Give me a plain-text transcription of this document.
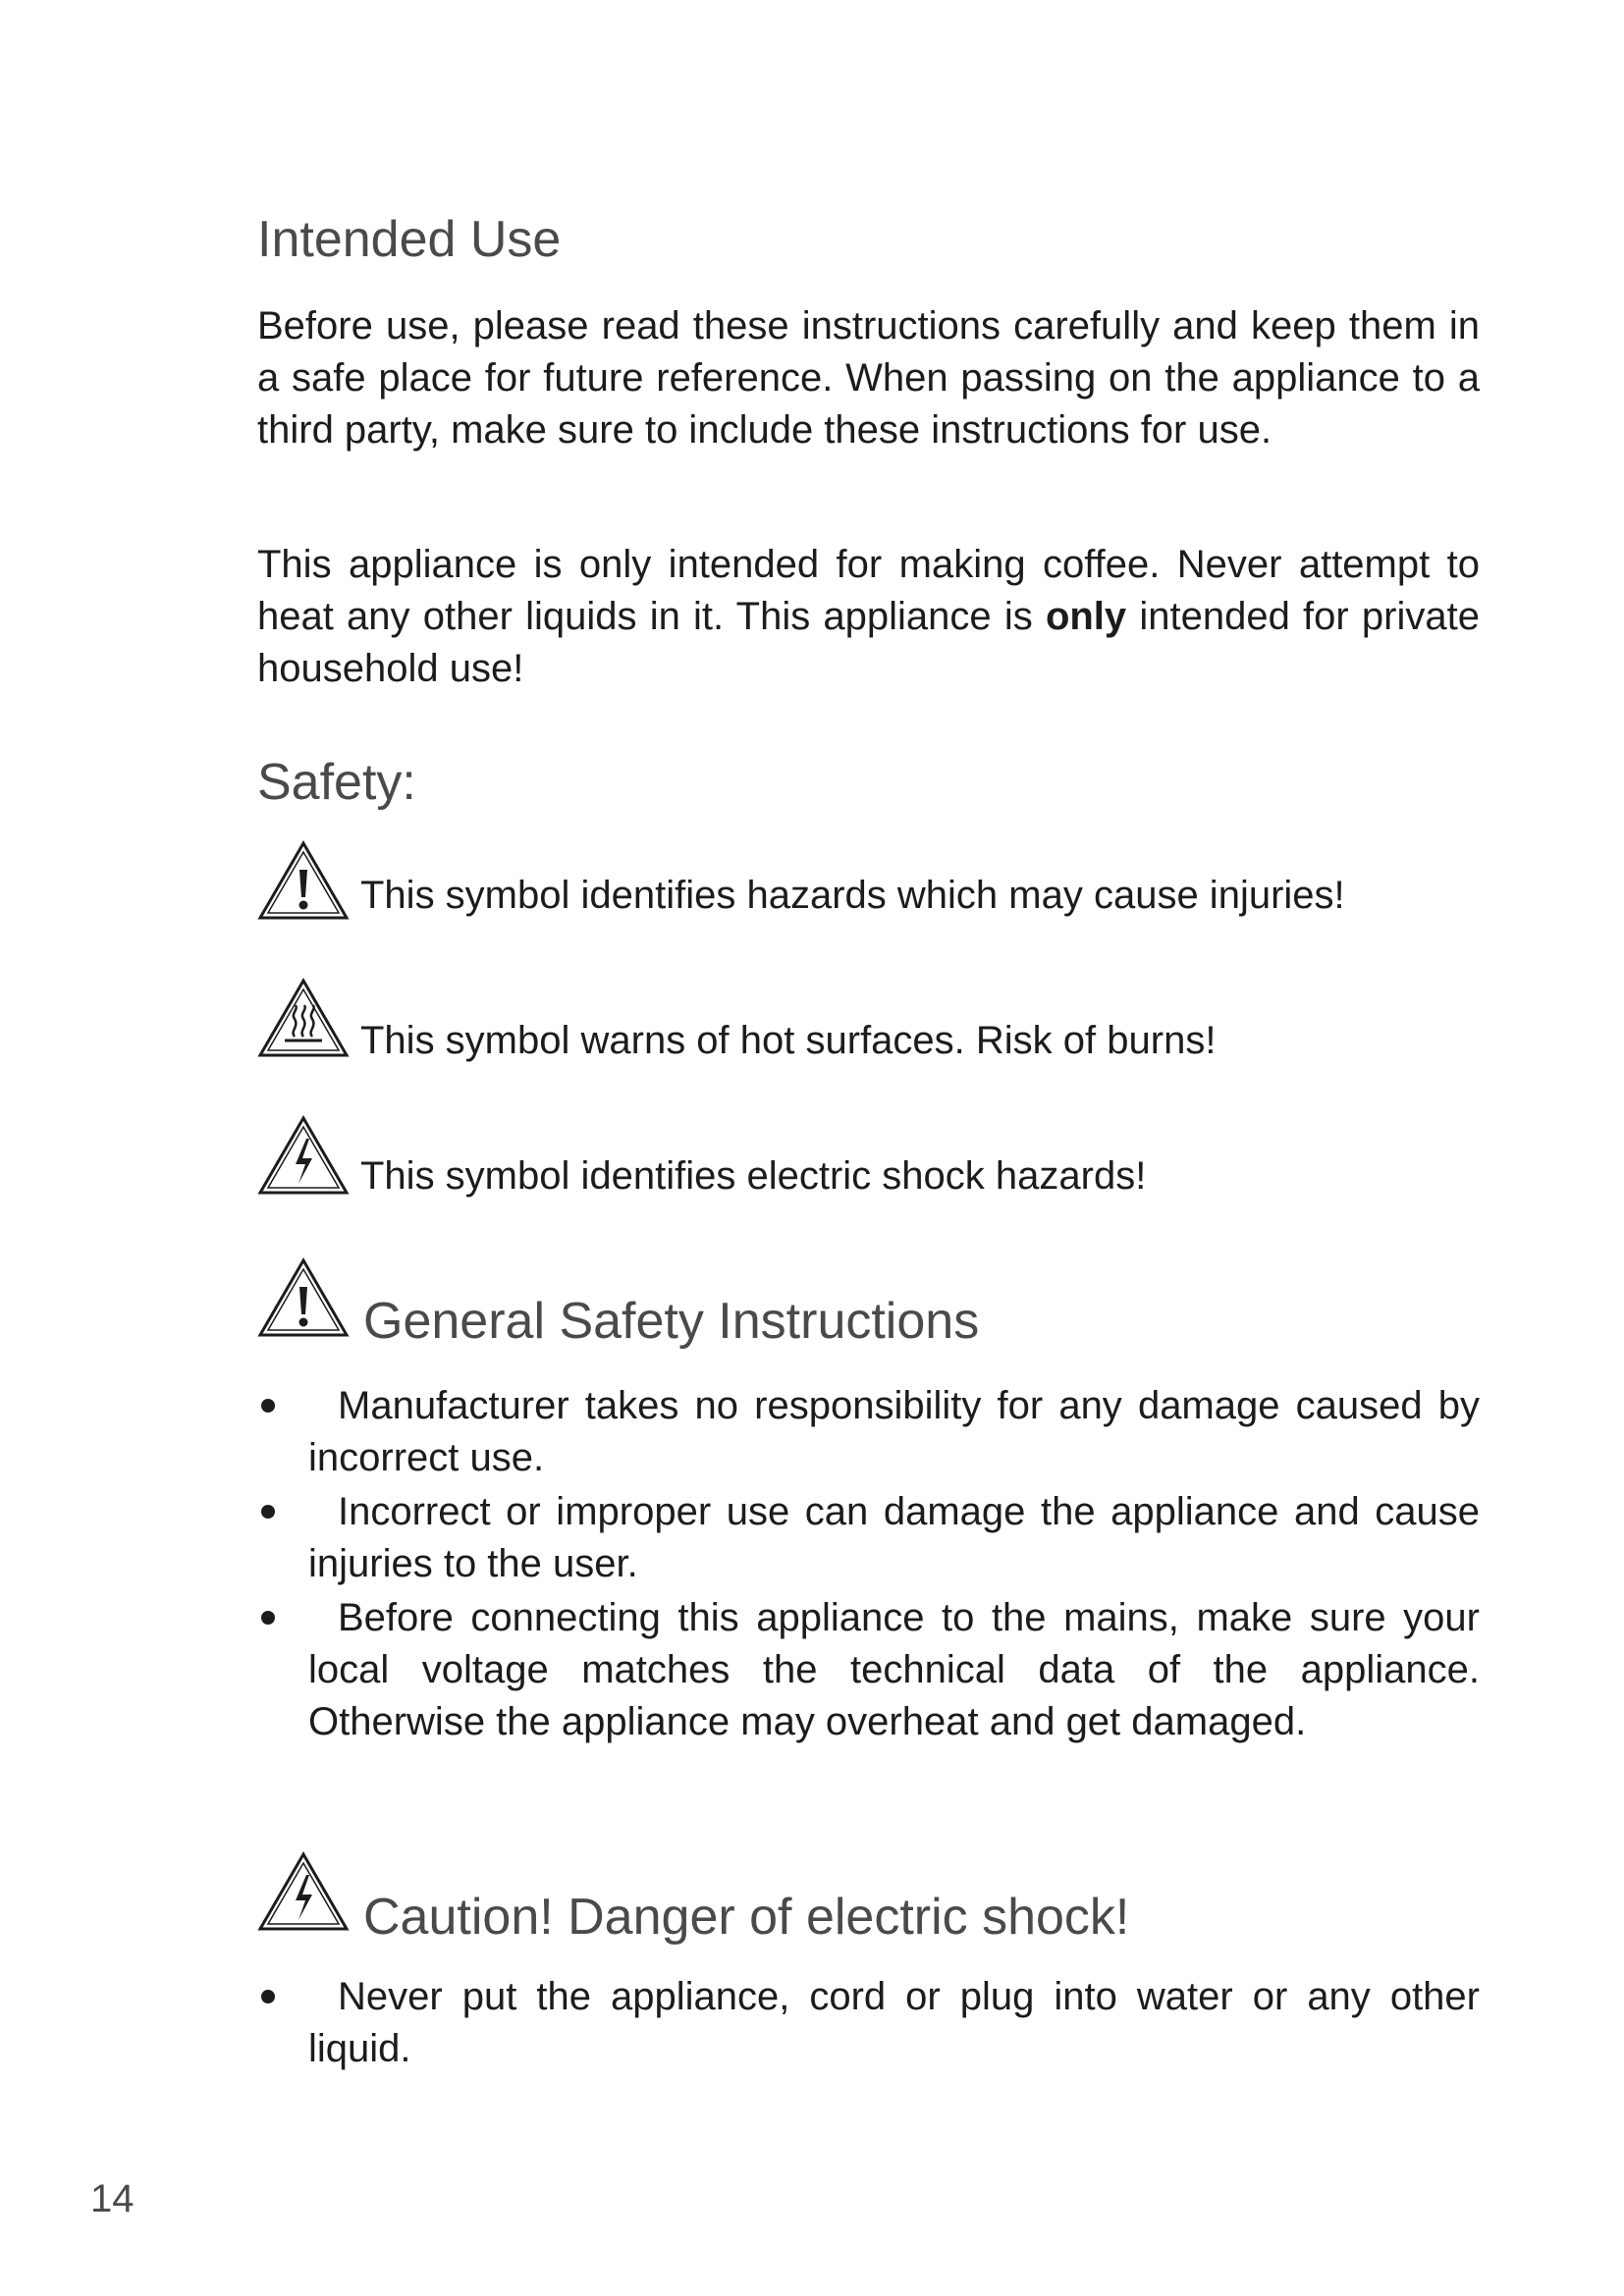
Intended Use

Before use, please read these instructions carefully and keep them in a safe place for future reference. When passing on the appliance to a third party, make sure to include these instructions for use.

This appliance is only intended for making coffee. Never attempt to heat any other liquids in it. This appliance is only intended for private household use!

Safety:

This symbol identifies hazards which may cause injuries!

This symbol warns of hot surfaces. Risk of burns!

This symbol identifies electric shock hazards!

General Safety Instructions
Manufacturer takes no responsibility for any damage caused by incorrect use.
Incorrect or improper use can damage the appliance and cause injuries to the user.
Before connecting this appliance to the mains, make sure your local voltage matches the technical data of the appliance. Otherwise the appliance may overheat and get damaged.
Caution! Danger of electric shock!
Never put the appliance, cord or plug into water or any other liquid.

14
